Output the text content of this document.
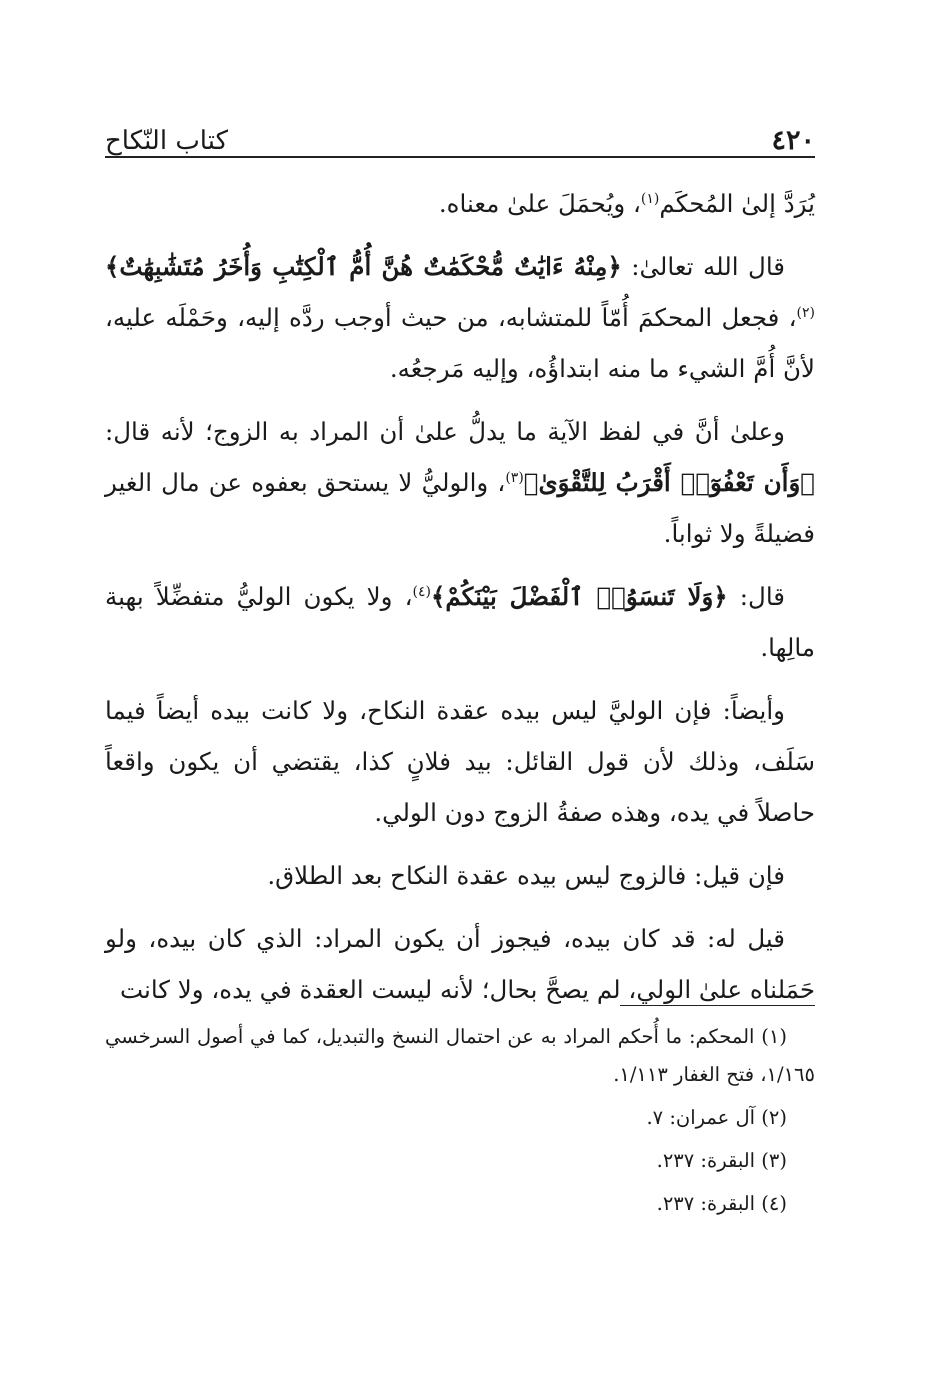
٤٢٠
كتاب النّكاح

يُرَدَّ إلىٰ المُحكَم$^{(١)}$، ويُحمَلَ علىٰ معناه.

قال الله تعالىٰ: ﴿مِنْهُ ءَايَٰتٌ مُّحْكَمَٰتٌ هُنَّ أُمُّ ٱلْكِتَٰبِ وَأُخَرُ مُتَشَٰبِهَٰتٌ﴾$^{(٢)}$، فجعل المحكمَ أُمّاً للمتشابه، من حيث أوجب ردَّه إليه، وحَمْلَه عليه، لأنَّ أُمَّ الشيء ما منه ابتداؤُه، وإليه مَرجعُه.

وعلىٰ أنَّ في لفظ الآية ما يدلُّ علىٰ أن المراد به الزوج؛ لأنه قال: ﴿وَأَن تَعْفُوٓا۟ أَقْرَبُ لِلتَّقْوَىٰ﴾$^{(٣)}$، والوليُّ لا يستحق بعفوه عن مال الغير فضيلةً ولا ثواباً.

قال: ﴿وَلَا تَنسَوُا۟ ٱلْفَضْلَ بَيْنَكُمْ﴾$^{(٤)}$، ولا يكون الوليُّ متفضِّلاً بهبة مالِها.

وأيضاً: فإن الوليَّ ليس بيده عقدة النكاح، ولا كانت بيده أيضاً فيما سَلَف، وذلك لأن قول القائل: بيد فلانٍ كذا، يقتضي أن يكون واقعاً حاصلاً في يده، وهذه صفةُ الزوج دون الولي.

فإن قيل: فالزوج ليس بيده عقدة النكاح بعد الطلاق.

قيل له: قد كان بيده، فيجوز أن يكون المراد: الذي كان بيده، ولو حَمَلناه علىٰ الولي، لم يصحَّ بحال؛ لأنه ليست العقدة في يده، ولا كانت

(١) المحكم: ما أُحكم المراد به عن احتمال النسخ والتبديل، كما في أصول السرخسي ١/١٦٥، فتح الغفار ١/١١٣.

(٢) آل عمران: ٧.

(٣) البقرة: ٢٣٧.

(٤) البقرة: ٢٣٧.
